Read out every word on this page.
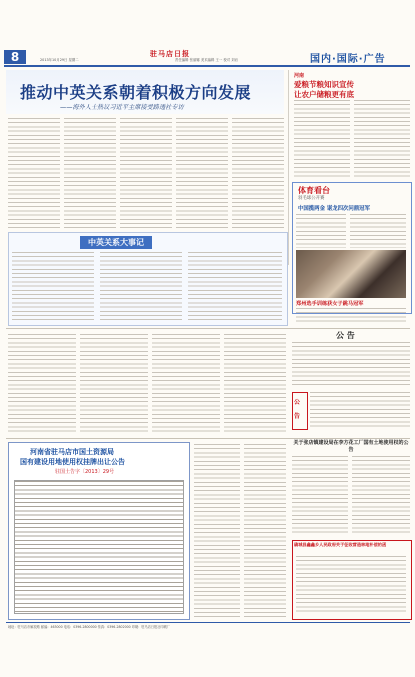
8	驻马店日报
2013年10月29日 星期二	责任编辑 张丽娜 美术编辑 王一 校对 刘岩	国内·国际·广告
推动中英关系朝着积极方向发展
——海外人士热议习近平主席接受路透社专访
中英关系大事记
河南
爱粮节粮知识宣传
让农户储粮更有底
体育看台
羽毛球公开赛
中国揽两金 谌龙四次问鼎冠军
郑州选手训练获女子跳马冠军
公 告
公告
河南省驻马店市国土资源局
国有建设用地使用权挂牌出让公告
驻国土告字〔2013〕29号
关于张店镇建设局在李方花工厂国有土地使用权的公告
确城县鑫鑫乡人民政府关于征收营造林地补偿的函
地址：驻马店市解放路 邮编：463000 电话：0396-2800000 传真：0396-2802000 印刷：驻马店日报社印刷厂
